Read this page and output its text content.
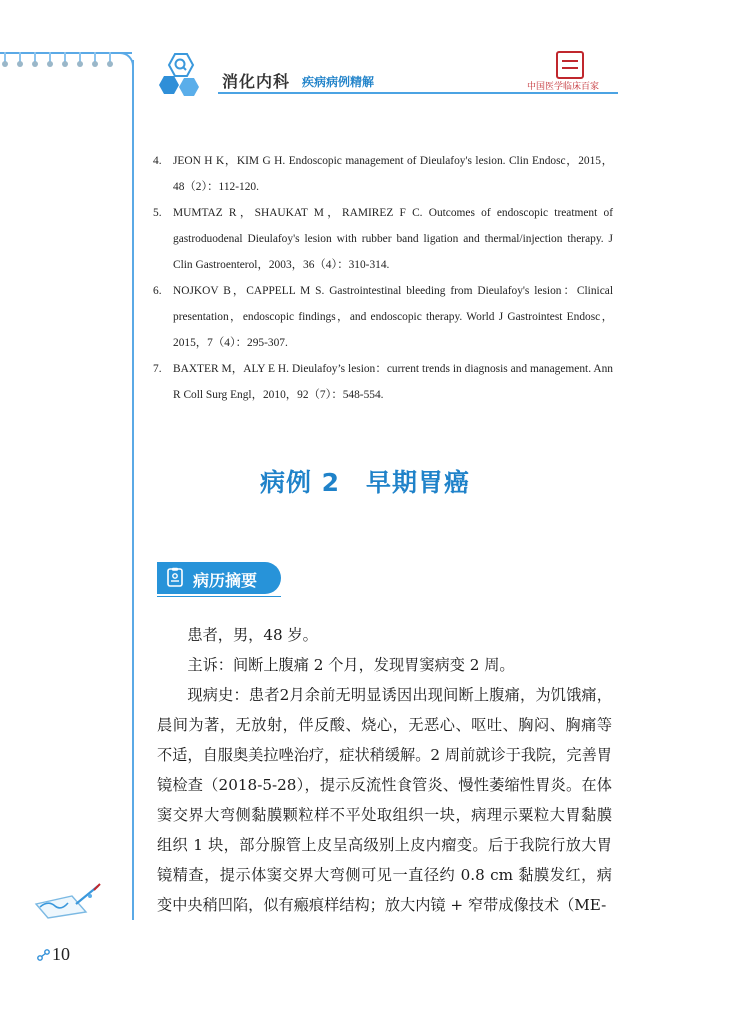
消化内科 疾病病例精解	中国医学临床百家

4.	JEON H K，KIM G H. Endoscopic management of Dieulafoy's lesion. Clin Endosc，2015，48（2）：112-120.

5.	MUMTAZ R，SHAUKAT M，RAMIREZ F C. Outcomes of endoscopic treatment of gastroduodenal Dieulafoy's lesion with rubber band ligation and thermal/injection therapy. J Clin Gastroenterol，2003，36（4）：310-314.

6.	NOJKOV B，CAPPELL M S. Gastrointestinal bleeding from Dieulafoy's lesion：Clinical presentation，endoscopic findings，and endoscopic therapy. World J Gastrointest Endosc，2015，7（4）：295-307.

7.	BAXTER M，ALY E H. Dieulafoy’s lesion：current trends in diagnosis and management. Ann R Coll Surg Engl，2010，92（7）：548-554.

病例 2 早期胃癌
病历摘要

患者，男，48 岁。

主诉：间断上腹痛 2 个月，发现胃窦病变 2 周。

现病史：患者2月余前无明显诱因出现间断上腹痛，为饥饿痛，晨间为著，无放射，伴反酸、烧心，无恶心、呕吐、胸闷、胸痛等不适，自服奥美拉唑治疗，症状稍缓解。2 周前就诊于我院，完善胃镜检查（2018-5-28），提示反流性食管炎、慢性萎缩性胃炎。在体窦交界大弯侧黏膜颗粒样不平处取组织一块，病理示粟粒大胃黏膜组织 1 块，部分腺管上皮呈高级别上皮内瘤变。后于我院行放大胃镜精查，提示体窦交界大弯侧可见一直径约 0.8 cm 黏膜发红，病变中央稍凹陷，似有瘢痕样结构；放大内镜 + 窄带成像技术（ME-

10
